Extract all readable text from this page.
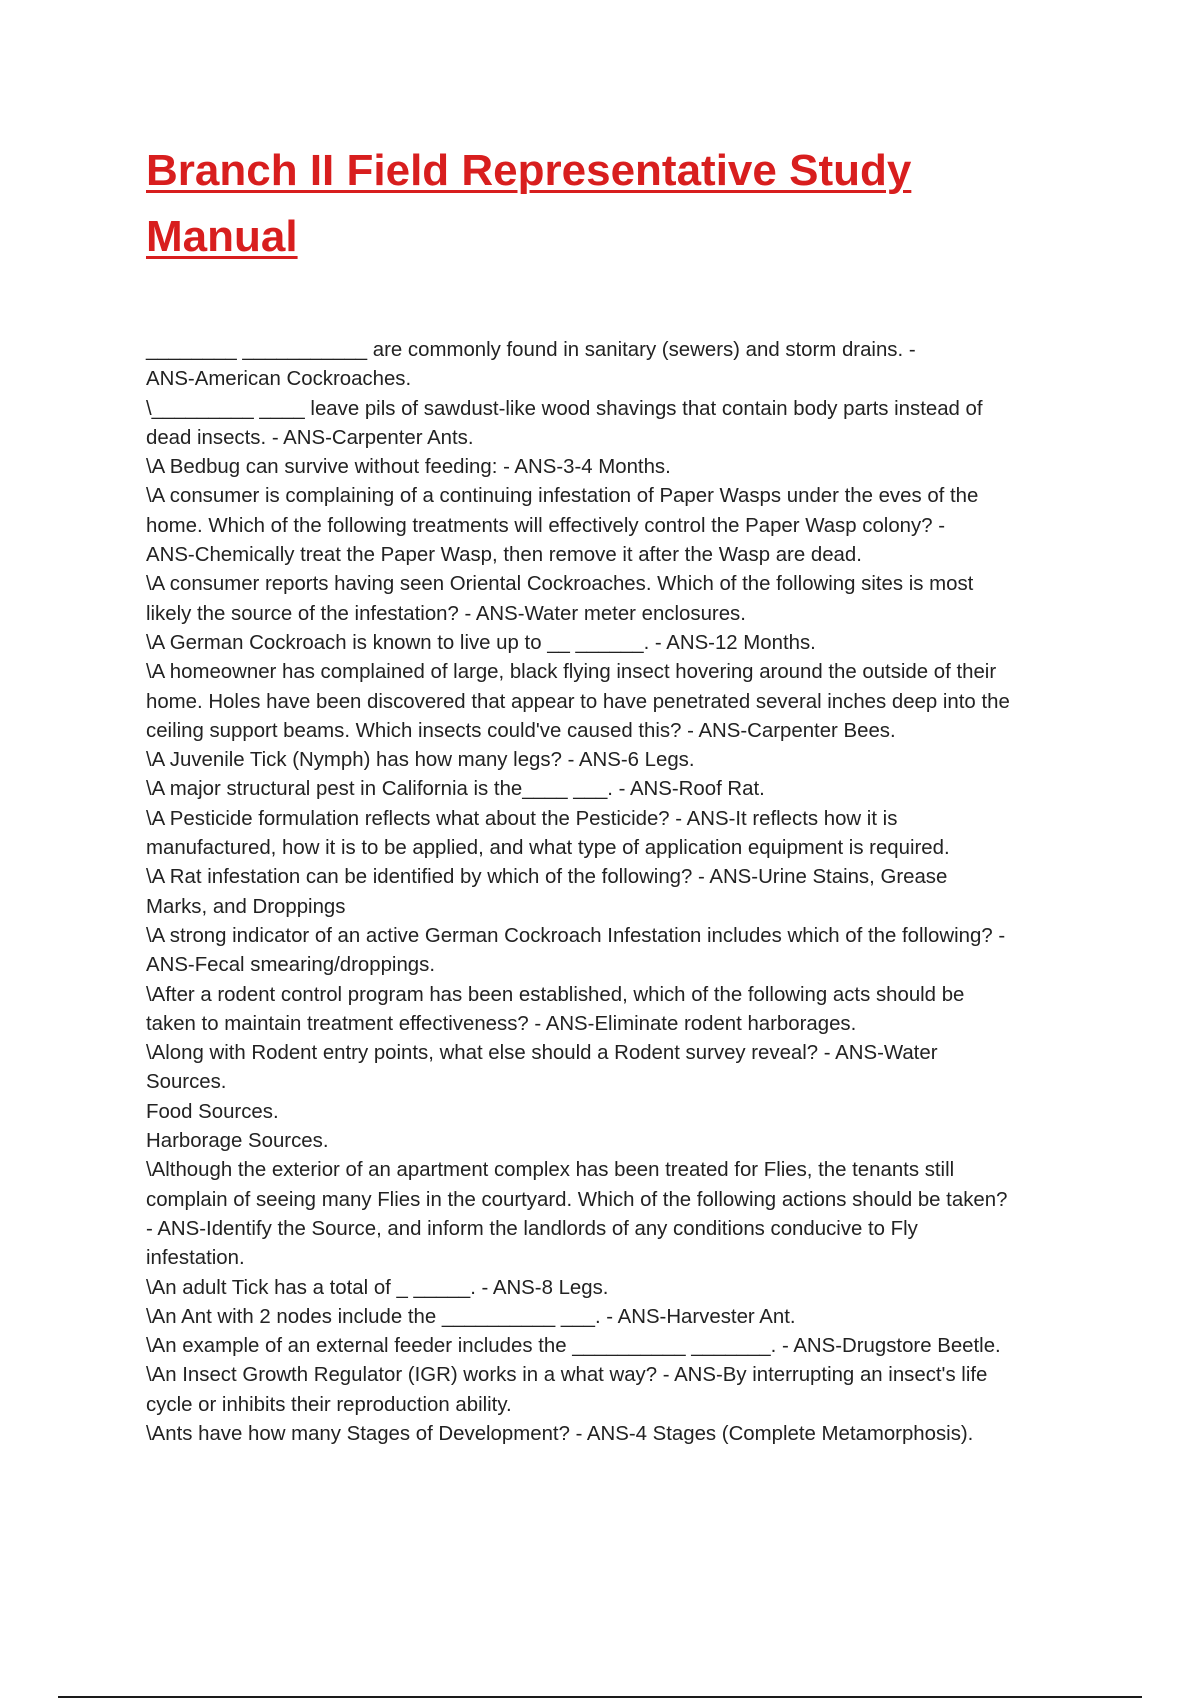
Branch II Field Representative Study
Manual
________ ___________ are commonly found in sanitary (sewers) and storm drains. -
ANS-American Cockroaches.
\_________ ____ leave pils of sawdust-like wood shavings that contain body parts instead of
dead insects. - ANS-Carpenter Ants.
\A Bedbug can survive without feeding: - ANS-3-4 Months.
\A consumer is complaining of a continuing infestation of Paper Wasps under the eves of the
home. Which of the following treatments will effectively control the Paper Wasp colony? -
ANS-Chemically treat the Paper Wasp, then remove it after the Wasp are dead.
\A consumer reports having seen Oriental Cockroaches. Which of the following sites is most
likely the source of the infestation? - ANS-Water meter enclosures.
\A German Cockroach is known to live up to __ ______. - ANS-12 Months.
\A homeowner has complained of large, black flying insect hovering around the outside of their
home. Holes have been discovered that appear to have penetrated several inches deep into the
ceiling support beams. Which insects could've caused this? - ANS-Carpenter Bees.
\A Juvenile Tick (Nymph) has how many legs? - ANS-6 Legs.
\A major structural pest in California is the____ ___. - ANS-Roof Rat.
\A Pesticide formulation reflects what about the Pesticide? - ANS-It reflects how it is
manufactured, how it is to be applied, and what type of application equipment is required.
\A Rat infestation can be identified by which of the following? - ANS-Urine Stains, Grease
Marks, and Droppings
\A strong indicator of an active German Cockroach Infestation includes which of the following? -
ANS-Fecal smearing/droppings.
\After a rodent control program has been established, which of the following acts should be
taken to maintain treatment effectiveness? - ANS-Eliminate rodent harborages.
\Along with Rodent entry points, what else should a Rodent survey reveal? - ANS-Water
Sources.
Food Sources.
Harborage Sources.
\Although the exterior of an apartment complex has been treated for Flies, the tenants still
complain of seeing many Flies in the courtyard. Which of the following actions should be taken?
- ANS-Identify the Source, and inform the landlords of any conditions conducive to Fly
infestation.
\An adult Tick has a total of _ _____. - ANS-8 Legs.
\An Ant with 2 nodes include the __________ ___. - ANS-Harvester Ant.
\An example of an external feeder includes the __________ _______. - ANS-Drugstore Beetle.
\An Insect Growth Regulator (IGR) works in a what way? - ANS-By interrupting an insect's life
cycle or inhibits their reproduction ability.
\Ants have how many Stages of Development? - ANS-4 Stages (Complete Metamorphosis).
